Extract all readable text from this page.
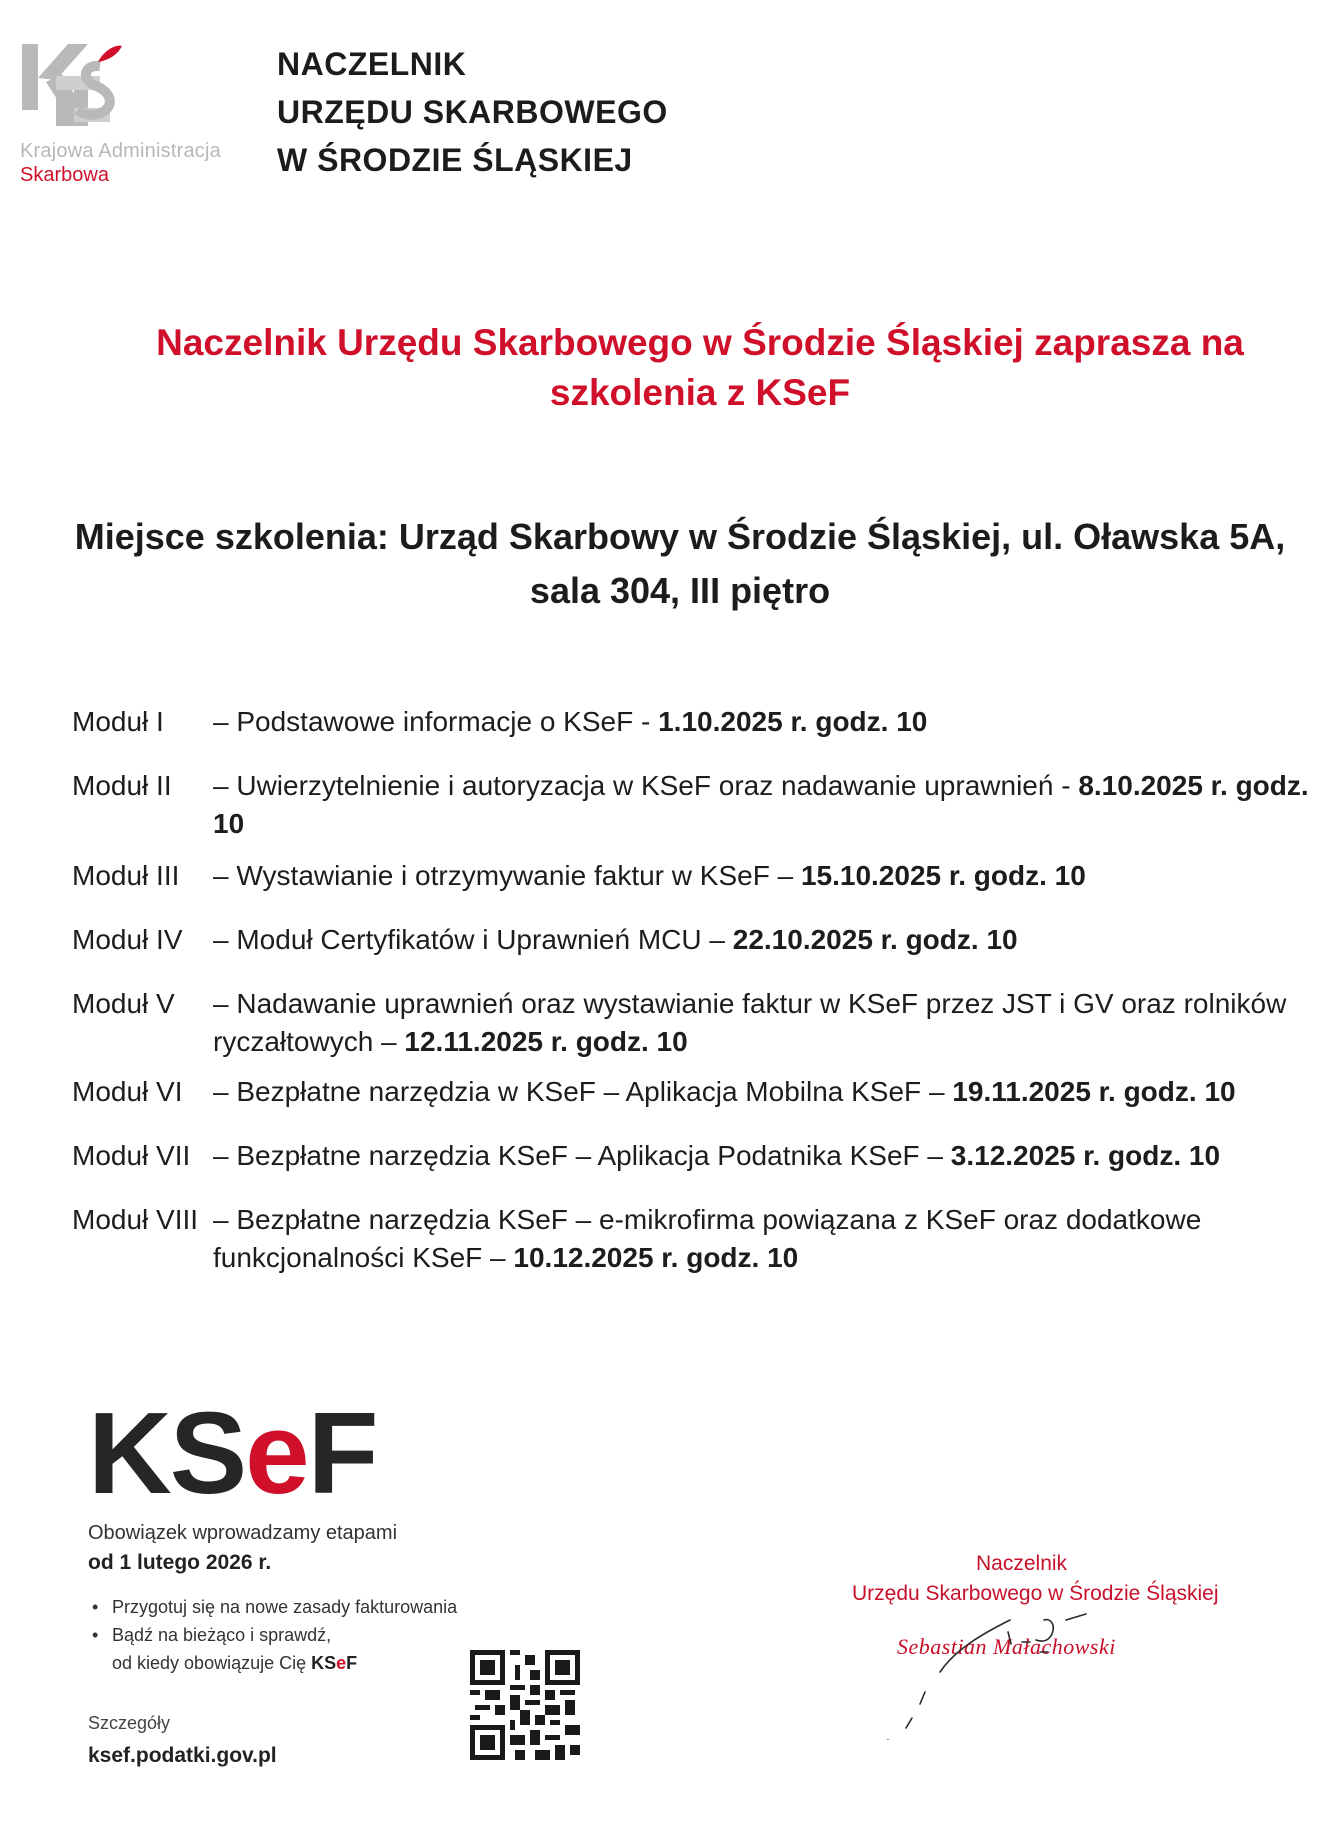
Krajowa Administracja
Skarbowa
NACZELNIK
URZĘDU SKARBOWEGO
W ŚRODZIE ŚLĄSKIEJ
Naczelnik Urzędu Skarbowego w Środzie Śląskiej zaprasza na
szkolenia z KSeF
Miejsce szkolenia: Urząd Skarbowy w Środzie Śląskiej, ul. Oławska 5A,
sala 304, III piętro
Moduł I – Podstawowe informacje o KSeF - 1.10.2025 r. godz. 10
Moduł II – Uwierzytelnienie i autoryzacja w KSeF oraz nadawanie uprawnień - 8.10.2025 r. godz. 10
Moduł III – Wystawianie i otrzymywanie faktur w KSeF – 15.10.2025 r. godz. 10
Moduł IV – Moduł Certyfikatów i Uprawnień MCU – 22.10.2025 r. godz. 10
Moduł V – Nadawanie uprawnień oraz wystawianie faktur w KSeF przez JST i GV oraz rolników ryczałtowych – 12.11.2025 r. godz. 10
Moduł VI – Bezpłatne narzędzia w KSeF – Aplikacja Mobilna KSeF – 19.11.2025 r. godz. 10
Moduł VII – Bezpłatne narzędzia KSeF – Aplikacja Podatnika KSeF – 3.12.2025 r. godz. 10
Moduł VIII – Bezpłatne narzędzia KSeF – e-mikrofirma powiązana z KSeF oraz dodatkowe funkcjonalności KSeF – 10.12.2025 r. godz. 10
KSeF
Obowiązek wprowadzamy etapami
od 1 lutego 2026 r.
• Przygotuj się na nowe zasady fakturowania
• Bądź na bieżąco i sprawdź,
od kiedy obowiązuje Cię KSeF
Szczegóły
ksef.podatki.gov.pl
Naczelnik
Urzędu Skarbowego w Środzie Śląskiej
Sebastian Małachowski
